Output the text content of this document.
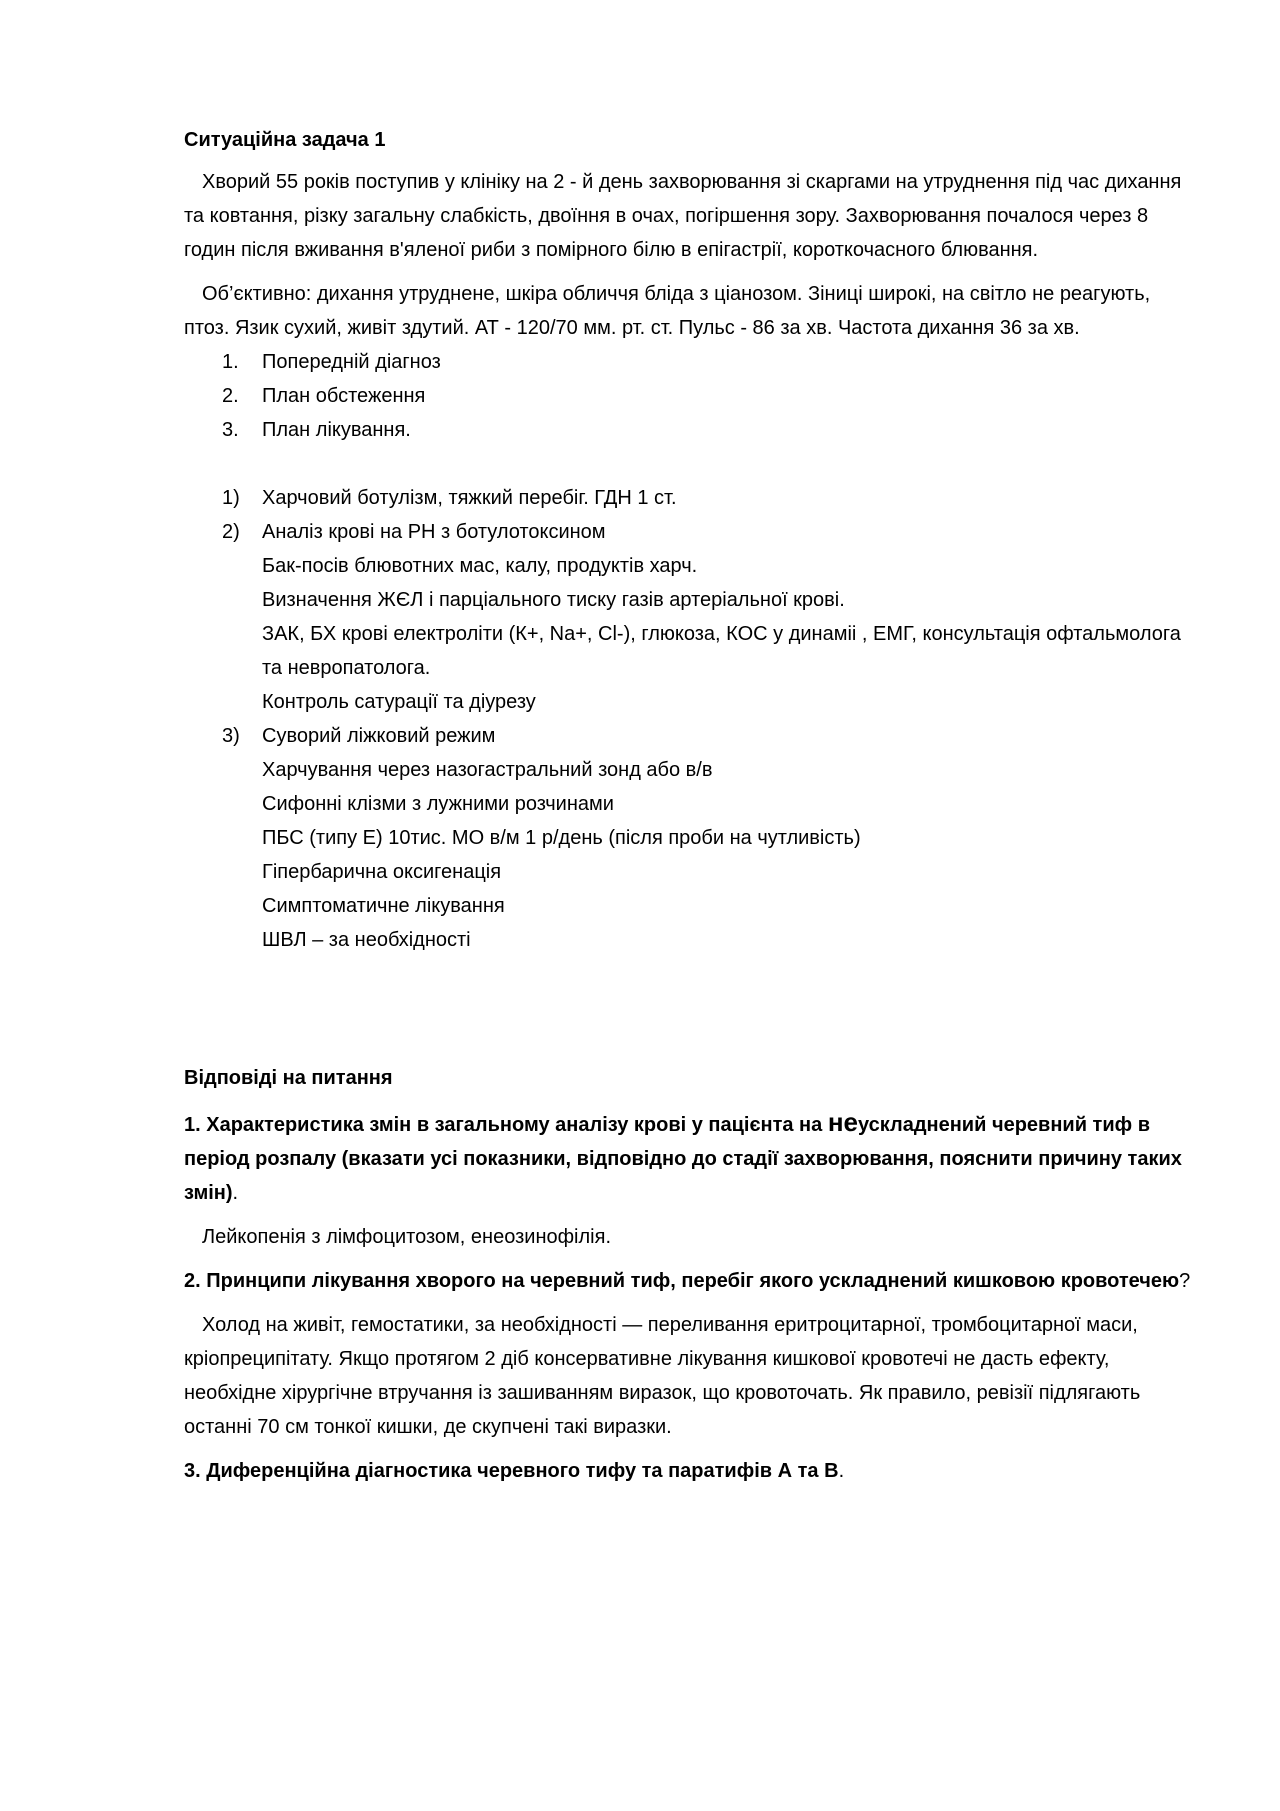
Ситуаційна задача 1

Хворий 55 років поступив у клініку на 2 - й день захворювання зі скаргами на утруднення під час дихання та ковтання, різку загальну слабкість, двоїння в очах, погіршення зору. Захворювання почалося через 8 годин після вживання в'яленої риби з помірного білю в епігастрії, короткочасного блювання.

Об’єктивно: дихання утруднене, шкіра обличчя бліда з ціанозом. Зіниці широкі, на світло не реагують, птоз. Язик сухий, живіт здутий. АТ - 120/70 мм. рт. ст. Пульс - 86 за хв. Частота дихання 36 за хв.

1. Попередній діагноз
2. План обстеження
3. План лікування.
1) Харчовий ботулізм, тяжкий перебіг. ГДН 1 ст.
2) Аналіз крові на РН з ботулотоксином
Бак-посів блювотних мас, калу, продуктів харч.
Визначення ЖЄЛ і парціального тиску газів артеріальної крові.
ЗАК, БХ крові електроліти (К+, Na+, Cl-), глюкоза, КОС у динаміі , ЕМГ, консультація офтальмолога та невропатолога.
Контроль сатурації та діурезу
3) Суворий ліжковий режим
Харчування через назогастральний зонд або в/в
Сифонні клізми з лужними розчинами
ПБС (типу Е) 10тис. МО в/м 1 р/день (після проби на чутливість)
Гіпербарична оксигенація
Симптоматичне лікування
ШВЛ – за необхідності

Відповіді на питання

1. Характеристика змін в загальному аналізу крові у пацієнта на неускладнений черевний тиф в період розпалу (вказати усі показники, відповідно до стадії захворювання, пояснити причину таких змін).

Лейкопенія з лімфоцитозом, енеозинофілія.

2. Принципи лікування хворого на черевний тиф, перебіг якого ускладнений кишковою кровотечею?

Холод на живіт, гемостатики, за необхідності — переливання еритроцитарної, тромбоцитарної маси, кріопреципітату. Якщо протягом 2 діб консервативне лікування кишкової кровотечі не дасть ефекту, необхідне хірургічне втручання із зашиванням виразок, що кровоточать. Як правило, ревізії підлягають останні 70 см тонкої кишки, де скупчені такі виразки.

3. Диференційна діагностика черевного тифу та паратифів А та В.
